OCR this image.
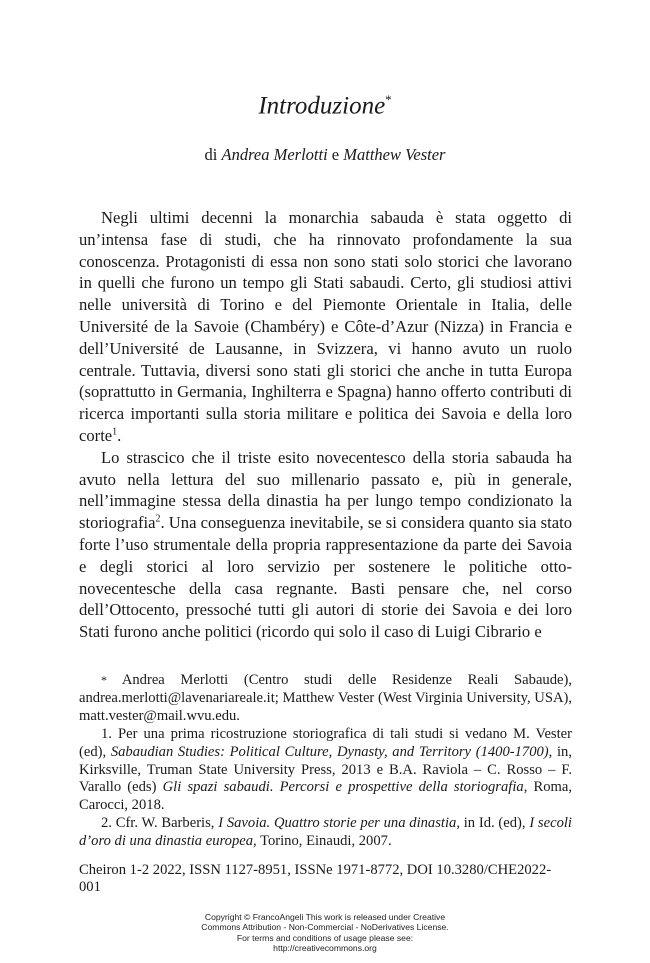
Introduzione*
di Andrea Merlotti e Matthew Vester

Negli ultimi decenni la monarchia sabauda è stata oggetto di un’intensa fase di studi, che ha rinnovato profondamente la sua conoscenza. Protagonisti di essa non sono stati solo storici che lavorano in quelli che furono un tempo gli Stati sabaudi. Certo, gli studiosi attivi nelle università di Torino e del Piemonte Orientale in Italia, delle Université de la Savoie (Chambéry) e Côte-d’Azur (Nizza) in Francia e dell’Université de Lausanne, in Svizzera, vi hanno avuto un ruolo centrale. Tuttavia, diversi sono stati gli storici che anche in tutta Europa (soprattutto in Germania, Inghilterra e Spagna) hanno offerto contributi di ricerca importanti sulla storia militare e politica dei Savoia e della loro corte$^1$.

Lo strascico che il triste esito novecentesco della storia sabauda ha avuto nella lettura del suo millenario passato e, più in generale, nell’immagine stessa della dinastia ha per lungo tempo condizionato la storiografia$^2$. Una conseguenza inevitabile, se si considera quanto sia stato forte l’uso strumentale della propria rappresentazione da parte dei Savoia e degli storici al loro servizio per sostenere le politiche otto-novecentesche della casa regnante. Basti pensare che, nel corso dell’Ottocento, pressoché tutti gli autori di storie dei Savoia e dei loro Stati furono anche politici (ricordo qui solo il caso di Luigi Cibrario e

* Andrea Merlotti (Centro studi delle Residenze Reali Sabaude), andrea.merlotti@lavenariareale.it; Matthew Vester (West Virginia University, USA), matt.vester@mail.wvu.edu.

1. Per una prima ricostruzione storiografica di tali studi si vedano M. Vester (ed), Sabaudian Studies: Political Culture, Dynasty, and Territory (1400-1700), in, Kirksville, Truman State University Press, 2013 e B.A. Raviola – C. Rosso – F. Varallo (eds) Gli spazi sabaudi. Percorsi e prospettive della storiografia, Roma, Carocci, 2018.

2. Cfr. W. Barberis, I Savoia. Quattro storie per una dinastia, in Id. (ed), I secoli d’oro di una dinastia europea, Torino, Einaudi, 2007.

Cheiron 1-2 2022, ISSN 1127-8951, ISSNe 1971-8772, DOI 10.3280/CHE2022-001
Copyright © FrancoAngeli This work is released under Creative
Commons Attribution - Non-Commercial - NoDerivatives License.
For terms and conditions of usage please see:
http://creativecommons.org
